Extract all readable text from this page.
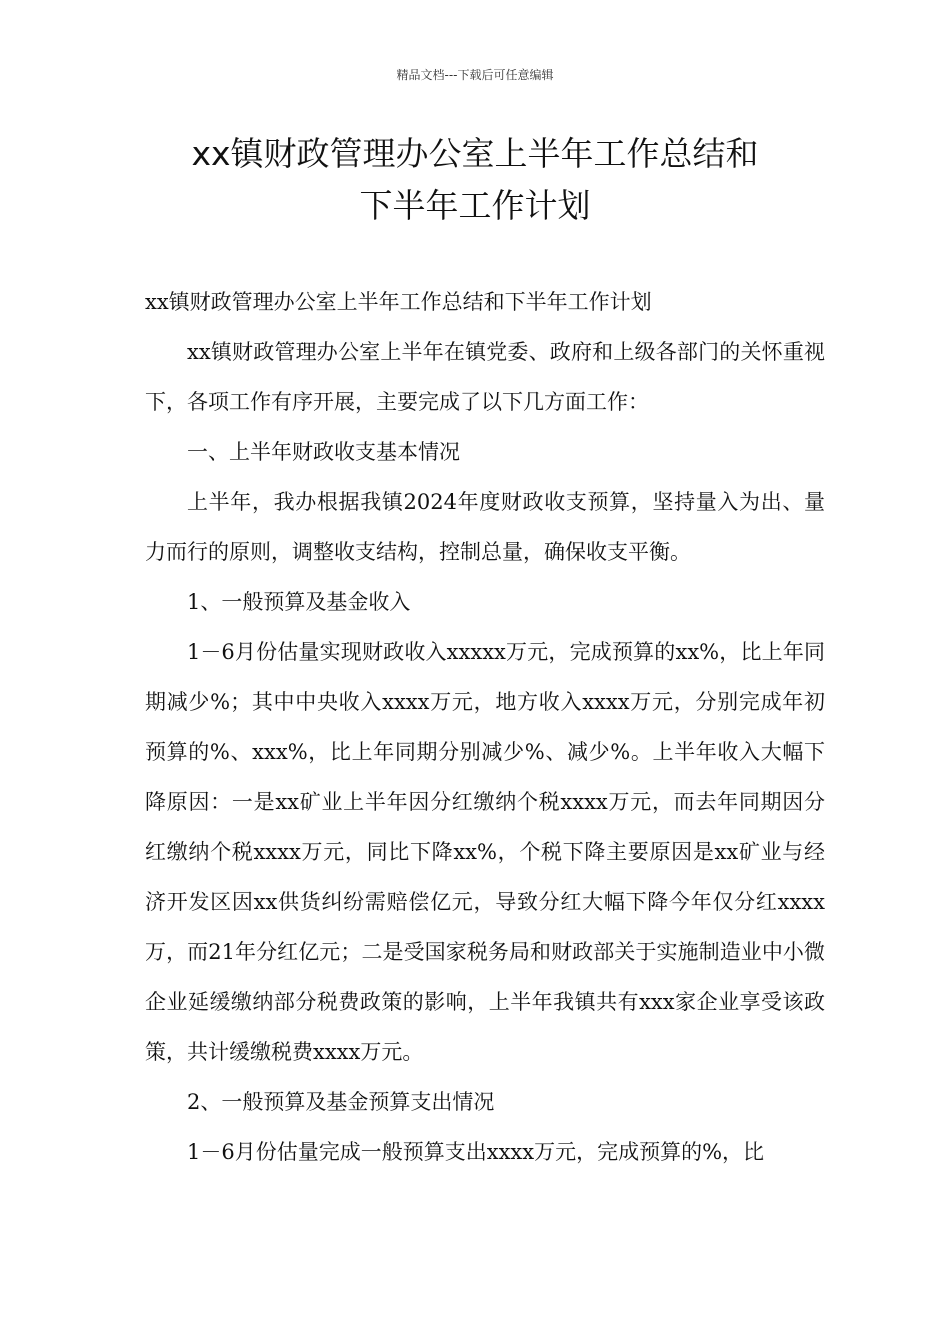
精品文档---下载后可任意编辑
xx镇财政管理办公室上半年工作总结和
下半年工作计划

xx镇财政管理办公室上半年工作总结和下半年工作计划

xx镇财政管理办公室上半年在镇党委、政府和上级各部门的关怀重视下，各项工作有序开展，主要完成了以下几方面工作：

一、上半年财政收支基本情况

上半年，我办根据我镇2024年度财政收支预算，坚持量入为出、量力而行的原则，调整收支结构，控制总量，确保收支平衡。

1、一般预算及基金收入

1－6月份估量实现财政收入xxxxx万元，完成预算的xx%，比上年同期减少%；其中中央收入xxxx万元，地方收入xxxx万元，分别完成年初预算的%、xxx%，比上年同期分别减少%、减少%。上半年收入大幅下降原因：一是xx矿业上半年因分红缴纳个税xxxx万元，而去年同期因分红缴纳个税xxxx万元，同比下降xx%，个税下降主要原因是xx矿业与经济开发区因xx供货纠纷需赔偿亿元，导致分红大幅下降今年仅分红xxxx万，而21年分红亿元；二是受国家税务局和财政部关于实施制造业中小微企业延缓缴纳部分税费政策的影响，上半年我镇共有xxx家企业享受该政策，共计缓缴税费xxxx万元。

2、一般预算及基金预算支出情况

1－6月份估量完成一般预算支出xxxx万元，完成预算的%，比
